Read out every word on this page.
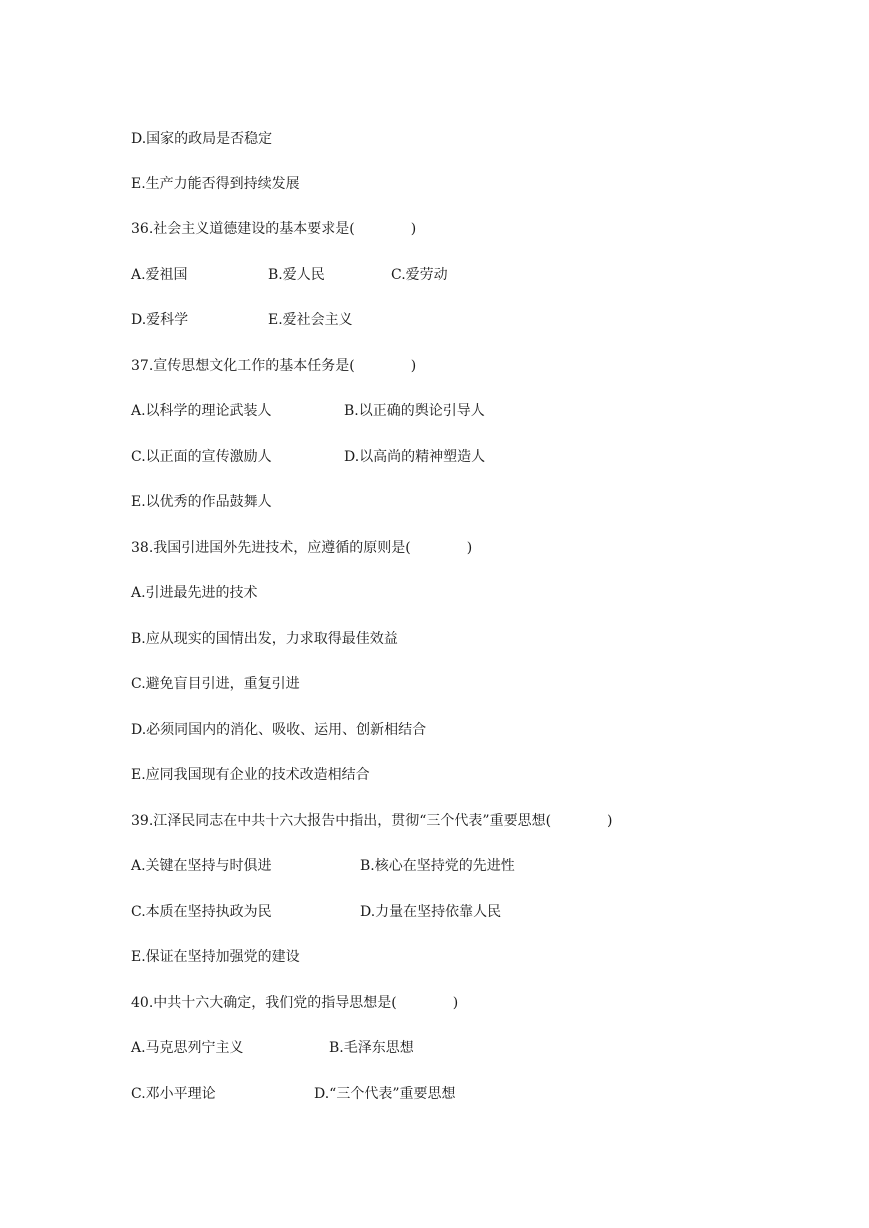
D.国家的政局是否稳定

E.生产力能否得到持续发展

36.社会主义道德建设的基本要求是(　　　　)

A.爱祖国

	B.爱人民

	C.爱劳动

D.爱科学

	E.爱社会主义

37.宣传思想文化工作的基本任务是(　　　　)

A.以科学的理论武装人

	B.以正确的舆论引导人

C.以正面的宣传激励人

	D.以高尚的精神塑造人

E.以优秀的作品鼓舞人

38.我国引进国外先进技术，应遵循的原则是(　　　　)

A.引进最先进的技术

B.应从现实的国情出发，力求取得最佳效益

C.避免盲目引进，重复引进

D.必须同国内的消化、吸收、运用、创新相结合

E.应同我国现有企业的技术改造相结合

39.江泽民同志在中共十六大报告中指出，贯彻“三个代表”重要思想(　　　　)

A.关键在坚持与时俱进

	B.核心在坚持党的先进性

C.本质在坚持执政为民

	D.力量在坚持依靠人民

E.保证在坚持加强党的建设

40.中共十六大确定，我们党的指导思想是(　　　　)

A.马克思列宁主义

	B.毛泽东思想

C.邓小平理论

	D.“三个代表”重要思想
